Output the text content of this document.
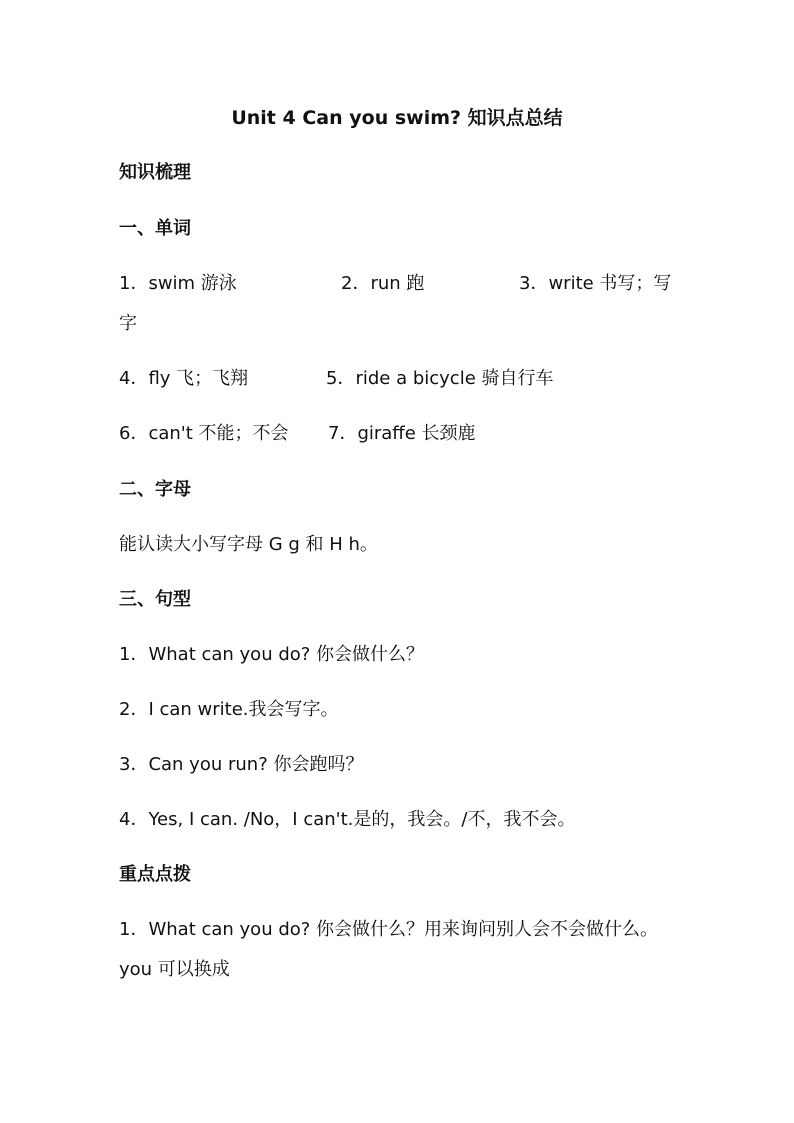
Unit 4 Can you swim? 知识点总结
知识梳理
一、单词
1．swim 游泳	2．run 跑	3．write 书写；写
字
4．fly 飞；飞翔	5．ride a bicycle 骑自行车
6．can't 不能；不会 7．giraffe 长颈鹿
二、字母
能认读大小写字母 G g 和 H h。
三、句型
1．What can you do? 你会做什么？
2．I can write.我会写字。
3．Can you run? 你会跑吗？
4．Yes, I can. /No，I can't.是的，我会。/不，我不会。
重点点拨
1．What can you do? 你会做什么？用来询问别人会不会做什么。
you 可以换成
